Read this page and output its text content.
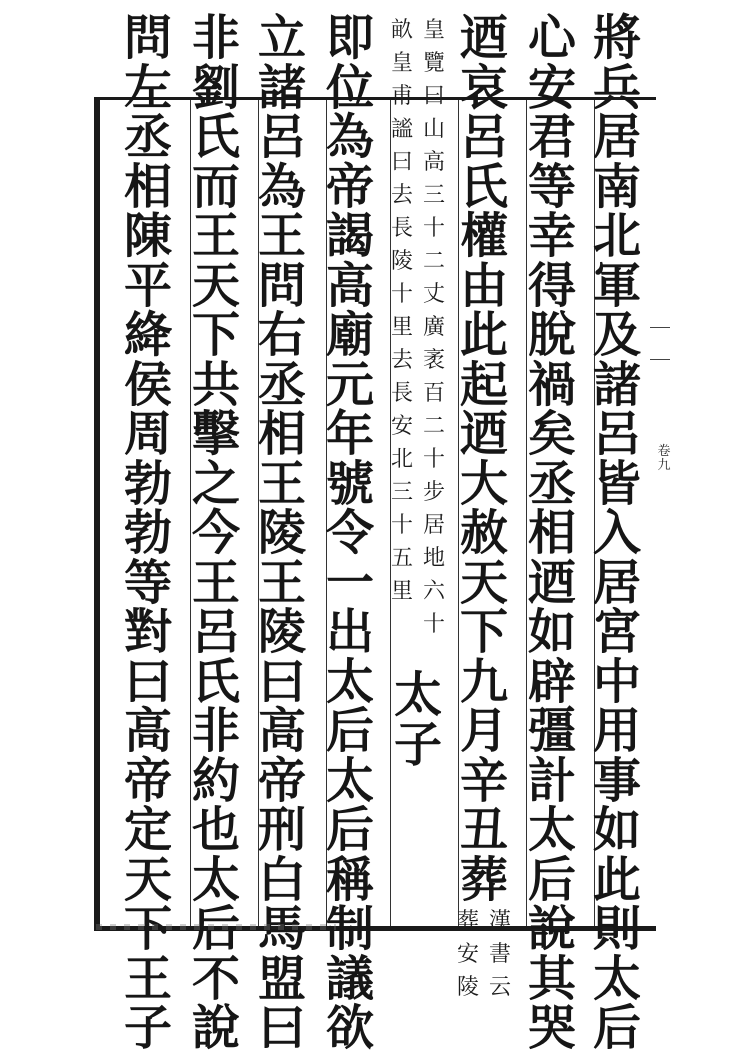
將
兵
居
南
北
軍
及
諸
呂
皆
入
居
宮
中
用
事
如
此
則
太
后
心
安
君
等
幸
得
脫
禍
矣
丞
相
迺
如
辟
彊
計
太
后
說
其
哭
迺
哀
呂
氏
權
由
此
起
迺
大
赦
天
下
九
月
辛
丑
葬
葬
安
陵
漢
書
云
畝
皇
甫
謐
曰
去
長
陵
十
里
去
長
安
北
三
十
五
里
皇
覽
曰
山
高
三
十
二
丈
廣
袤
百
二
十
步
居
地
六
十
太
子
即
位
為
帝
謁
高
廟
元
年
號
令
一
出
太
后
太
后
稱
制
議
欲
立
諸
呂
為
王
問
右
丞
相
王
陵
王
陵
曰
高
帝
刑
白
馬
盟
曰
非
劉
氏
而
王
天
下
共
擊
之
今
王
呂
氏
非
約
也
太
后
不
說
問
左
丞
相
陳
平
絳
侯
周
勃
勃
等
對
曰
高
帝
定
天
下
王
子
卷九
